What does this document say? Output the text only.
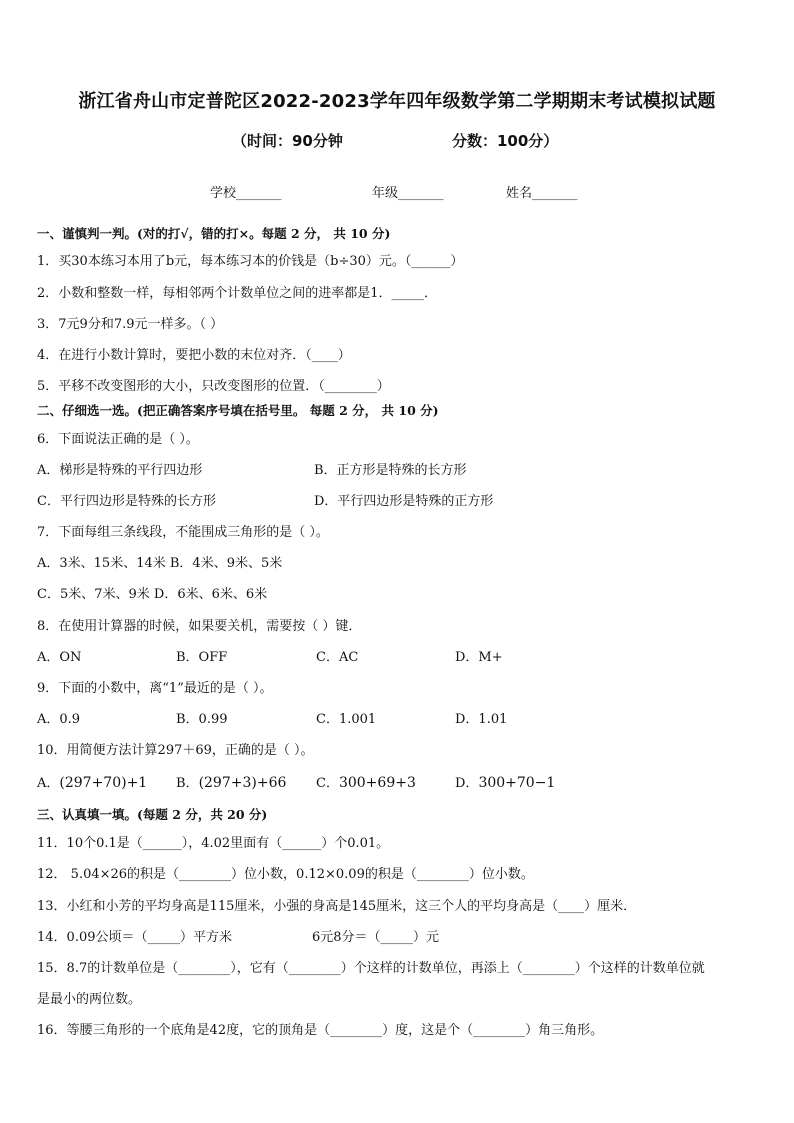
浙江省舟山市定普陀区2022-2023学年四年级数学第二学期期末考试模拟试题
（时间：90分钟	分数：100分）
学校_______	年级_______	姓名_______
一、谨慎判一判。(对的打√，错的打×。每题 2 分， 共 10 分)
1．买30本练习本用了b元，每本练习本的价钱是（b÷30）元。（______）
2．小数和整数一样，每相邻两个计数单位之间的进率都是1．_____．
3．7元9分和7.9元一样多。（ ）
4．在进行小数计算时，要把小数的末位对齐．（____）
5．平移不改变图形的大小，只改变图形的位置．（________）
二、仔细选一选。(把正确答案序号填在括号里。 每题 2 分， 共 10 分)
6．下面说法正确的是（ ）。
A．梯形是特殊的平行四边形	B．正方形是特殊的长方形
C．平行四边形是特殊的长方形	D．平行四边形是特殊的正方形
7．下面每组三条线段，不能围成三角形的是（ ）。
A．3米、15米、14米 B．4米、9米、5米
C．5米、7米、9米 D．6米、6米、6米
8．在使用计算器的时候，如果要关机，需要按（ ）键．
A．ON	B．OFF	C．AC	D．M+
9．下面的小数中，离“1”最近的是（ ）。
A．0.9	B．0.99	C．1.001	D．1.01
10．用简便方法计算297＋69，正确的是（ ）。
A．(297+70)+1 B．(297+3)+66 C．300+69+3	D．300+70−1
三、认真填一填。(每题 2 分，共 20 分)
11．10个0.1是（______），4.02里面有（______）个0.01。
12． 5.04×26的积是（________）位小数，0.12×0.09的积是（________）位小数。
13．小红和小芳的平均身高是115厘米，小强的身高是145厘米，这三个人的平均身高是（____）厘米．
14．0.09公顷＝（_____）平方米	6元8分＝（_____）元
15．8.7的计数单位是（________），它有（________）个这样的计数单位，再添上（________）个这样的计数单位就
是最小的两位数。
16．等腰三角形的一个底角是42度，它的顶角是（________）度，这是个（________）角三角形。
